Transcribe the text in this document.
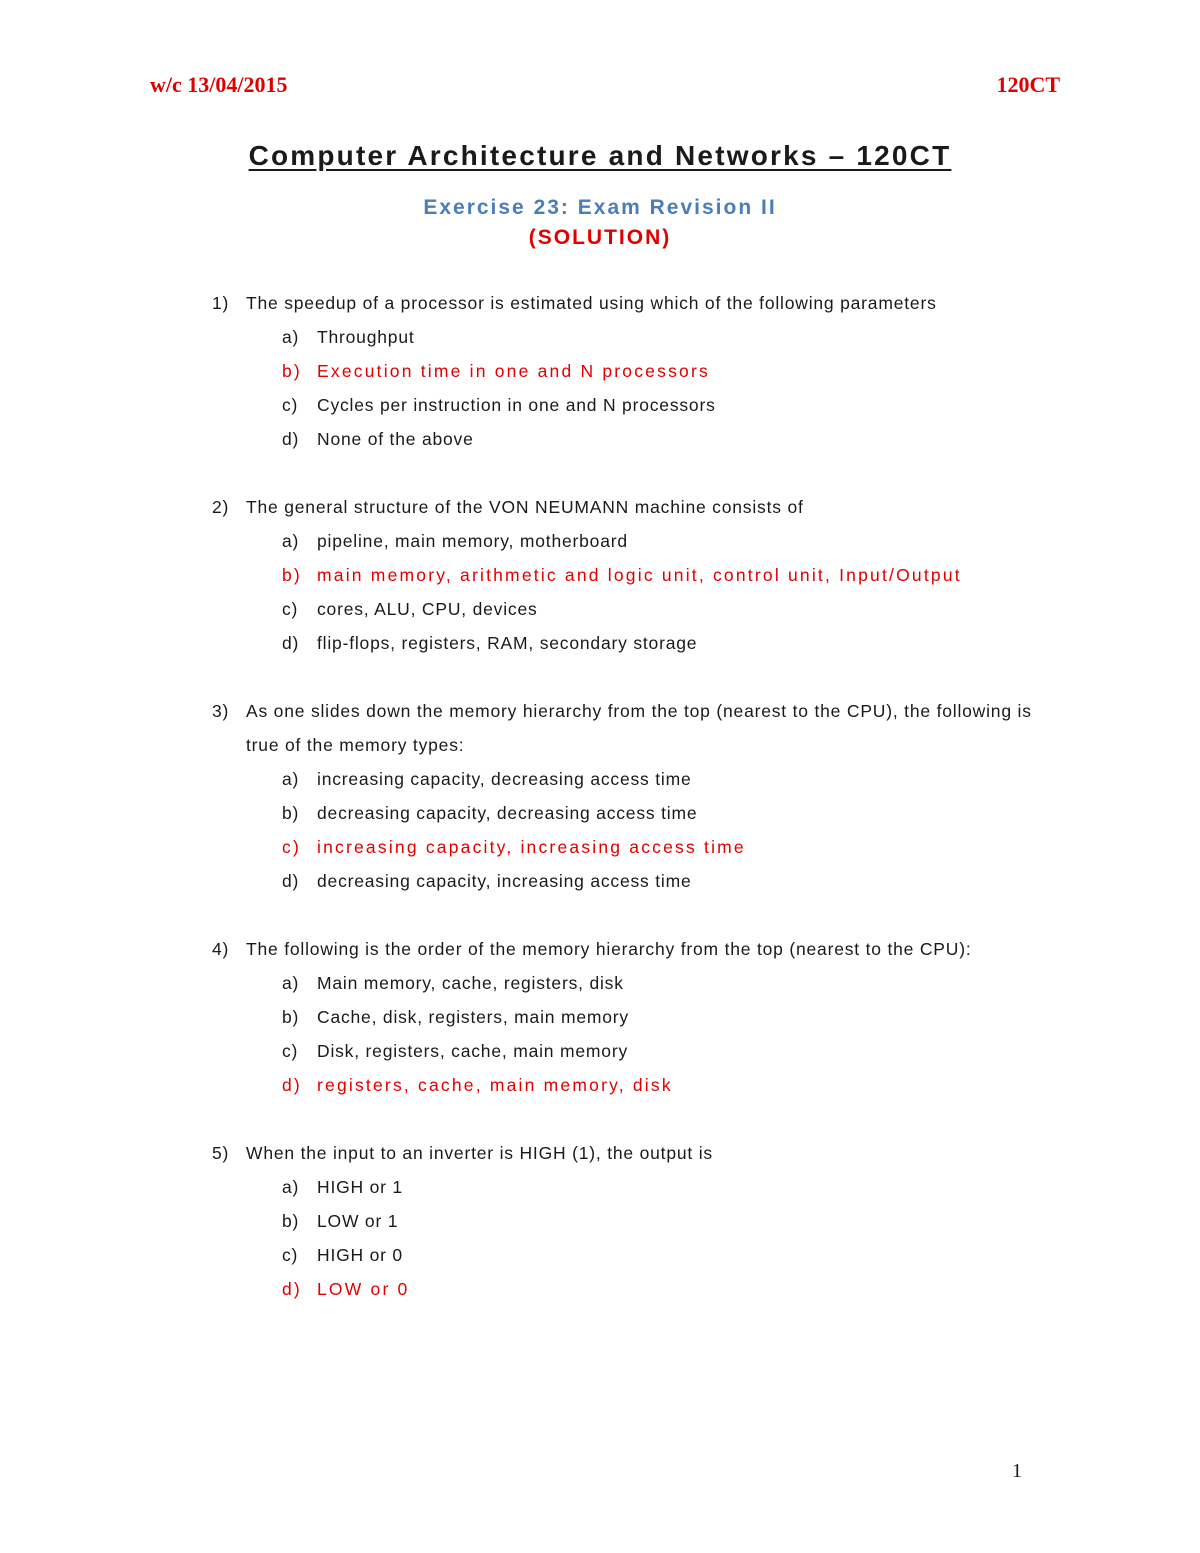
w/c 13/04/2015	120CT

Computer Architecture and Networks – 120CT
Exercise 23: Exam Revision II
(SOLUTION)
1) The speedup of a processor is estimated using which of the following parameters
a)	Throughput
b) Execution time in one and N processors
c)	Cycles per instruction in one and N processors
d)	None of the above
2) The general structure of the VON NEUMANN machine consists of
a)	pipeline, main memory, motherboard
b) main memory, arithmetic and logic unit, control unit, Input/Output
c)	cores, ALU, CPU, devices
d)	flip-flops, registers, RAM, secondary storage
3) As one slides down the memory hierarchy from the top (nearest to the CPU), the following is true of the memory types:
a)	increasing capacity, decreasing access time
b)	decreasing capacity, decreasing access time
c) increasing capacity, increasing access time
d)	decreasing capacity, increasing access time
4) The following is the order of the memory hierarchy from the top (nearest to the CPU):
a)	Main memory, cache, registers, disk
b)	Cache, disk, registers, main memory
c)	Disk, registers, cache, main memory
d) registers, cache, main memory, disk
5) When the input to an inverter is HIGH (1), the output is
a)	HIGH or 1
b)	LOW or 1
c)	HIGH or 0
d) LOW or 0

1
